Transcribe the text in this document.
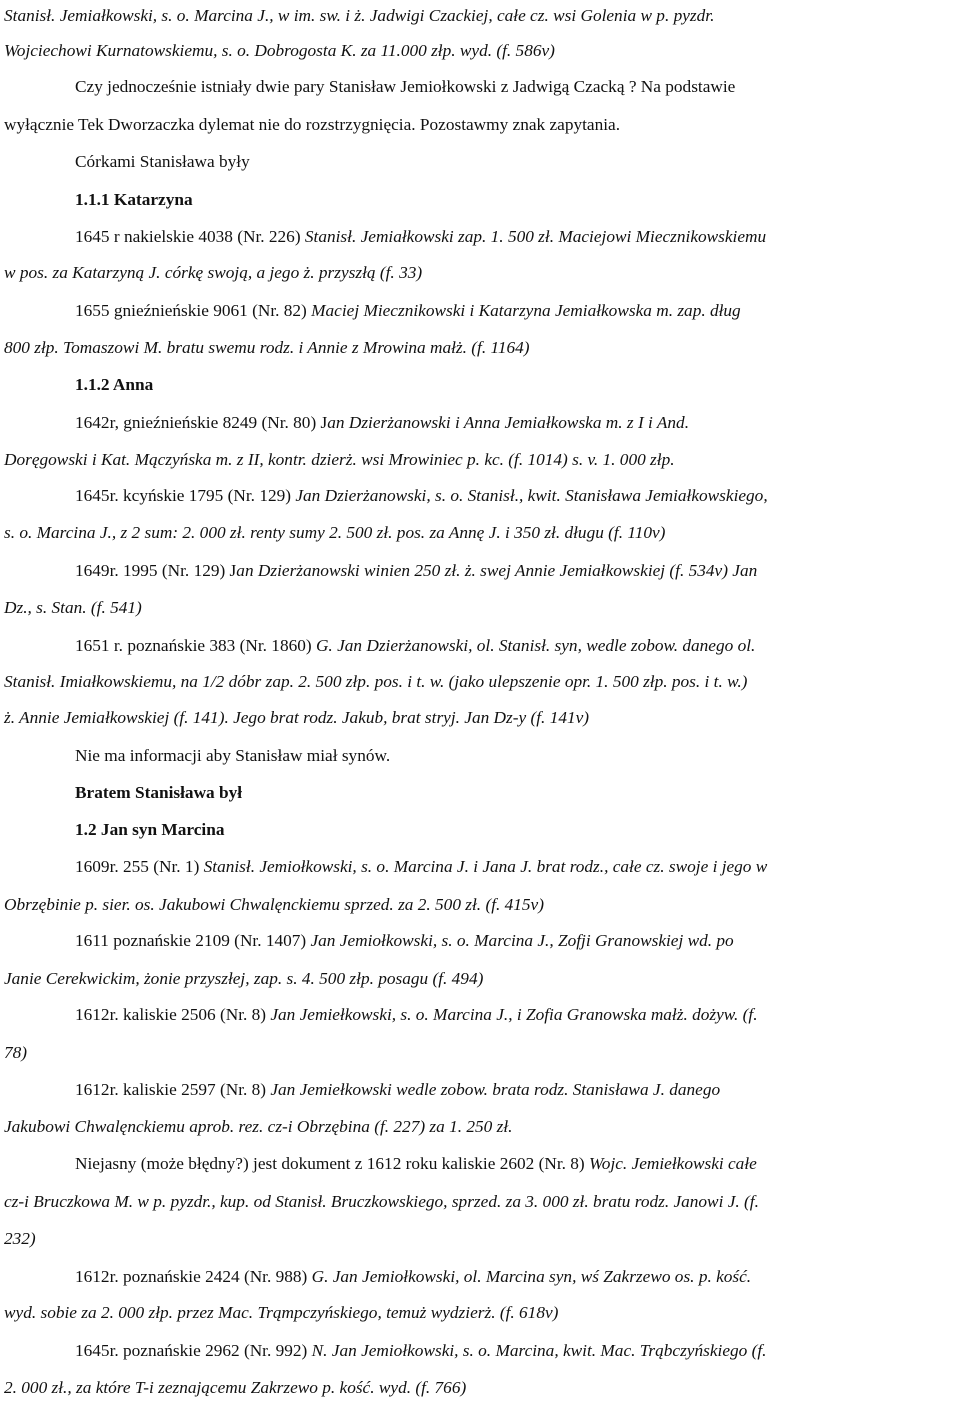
Stanisł. Jemiałkowski, s. o. Marcina J., w im. sw. i ż. Jadwigi Czackiej, całe cz. wsi Golenia w p. pyzdr.
Wojciechowi Kurnatowskiemu, s. o. Dobrogosta K. za 11.000 złp. wyd. (f. 586v)
Czy jednocześnie istniały dwie pary Stanisław Jemiołkowski z Jadwigą Czacką ? Na podstawie
wyłącznie Tek Dworzaczka dylemat nie do rozstrzygnięcia. Pozostawmy znak zapytania.
Córkami Stanisława były
1.1.1 Katarzyna
1645 r nakielskie 4038 (Nr. 226) Stanisł. Jemiałkowski zap. 1. 500 zł. Maciejowi Miecznikowskiemu
w pos. za Katarzyną J. córkę swoją, a jego ż. przyszłą (f. 33)
1655 gnieźnieńskie 9061 (Nr. 82) Maciej Miecznikowski i Katarzyna Jemiałkowska m. zap. dług
800 złp. Tomaszowi M. bratu swemu rodz. i Annie z Mrowina małż. (f. 1164)
1.1.2 Anna
1642r, gnieźnieńskie 8249 (Nr. 80) Jan Dzierżanowski i Anna Jemiałkowska m. z I i And.
Doręgowski i Kat. Mączyńska m. z II, kontr. dzierż. wsi Mrowiniec p. kc. (f. 1014) s. v. 1. 000 złp.
1645r. kcyńskie 1795 (Nr. 129) Jan Dzierżanowski, s. o. Stanisł., kwit. Stanisława Jemiałkowskiego,
s. o. Marcina J., z 2 sum: 2. 000 zł. renty sumy 2. 500 zł. pos. za Annę J. i 350 zł. długu (f. 110v)
1649r. 1995 (Nr. 129) Jan Dzierżanowski winien 250 zł. ż. swej Annie Jemiałkowskiej (f. 534v) Jan
Dz., s. Stan. (f. 541)
1651 r. poznańskie 383 (Nr. 1860) G. Jan Dzierżanowski, ol. Stanisł. syn, wedle zobow. danego ol.
Stanisł. Imiałkowskiemu, na 1/2 dóbr zap. 2. 500 złp. pos. i t. w. (jako ulepszenie opr. 1. 500 złp. pos. i t. w.)
ż. Annie Jemiałkowskiej (f. 141). Jego brat rodz. Jakub, brat stryj. Jan Dz-y (f. 141v)
Nie ma informacji aby Stanisław miał synów.
Bratem Stanisława był
1.2 Jan syn Marcina
1609r. 255 (Nr. 1) Stanisł. Jemiołkowski, s. o. Marcina J. i Jana J. brat rodz., całe cz. swoje i jego w
Obrzębinie p. sier. os. Jakubowi Chwalęnckiemu sprzed. za 2. 500 zł. (f. 415v)
1611 poznańskie 2109 (Nr. 1407) Jan Jemiołkowski, s. o. Marcina J., Zofji Granowskiej wd. po
Janie Cerekwickim, żonie przyszłej, zap. s. 4. 500 złp. posagu (f. 494)
1612r. kaliskie 2506 (Nr. 8) Jan Jemiełkowski, s. o. Marcina J., i Zofia Granowska małż. dożyw. (f.
78)
1612r. kaliskie 2597 (Nr. 8) Jan Jemiełkowski wedle zobow. brata rodz. Stanisława J. danego
Jakubowi Chwalęnckiemu aprob. rez. cz-i Obrzębina (f. 227) za 1. 250 zł.
Niejasny (może błędny?) jest dokument z 1612 roku kaliskie 2602 (Nr. 8) Wojc. Jemiełkowski całe
cz-i Bruczkowa M. w p. pyzdr., kup. od Stanisł. Bruczkowskiego, sprzed. za 3. 000 zł. bratu rodz. Janowi J. (f.
232)
1612r. poznańskie 2424 (Nr. 988) G. Jan Jemiołkowski, ol. Marcina syn, wś Zakrzewo os. p. kość.
wyd. sobie za 2. 000 złp. przez Mac. Trąmpczyńskiego, temuż wydzierż. (f. 618v)
1645r. poznańskie 2962 (Nr. 992) N. Jan Jemiołkowski, s. o. Marcina, kwit. Mac. Trąbczyńskiego (f.
2. 000 zł., za które T-i zeznającemu Zakrzewo p. kość. wyd. (f. 766)
